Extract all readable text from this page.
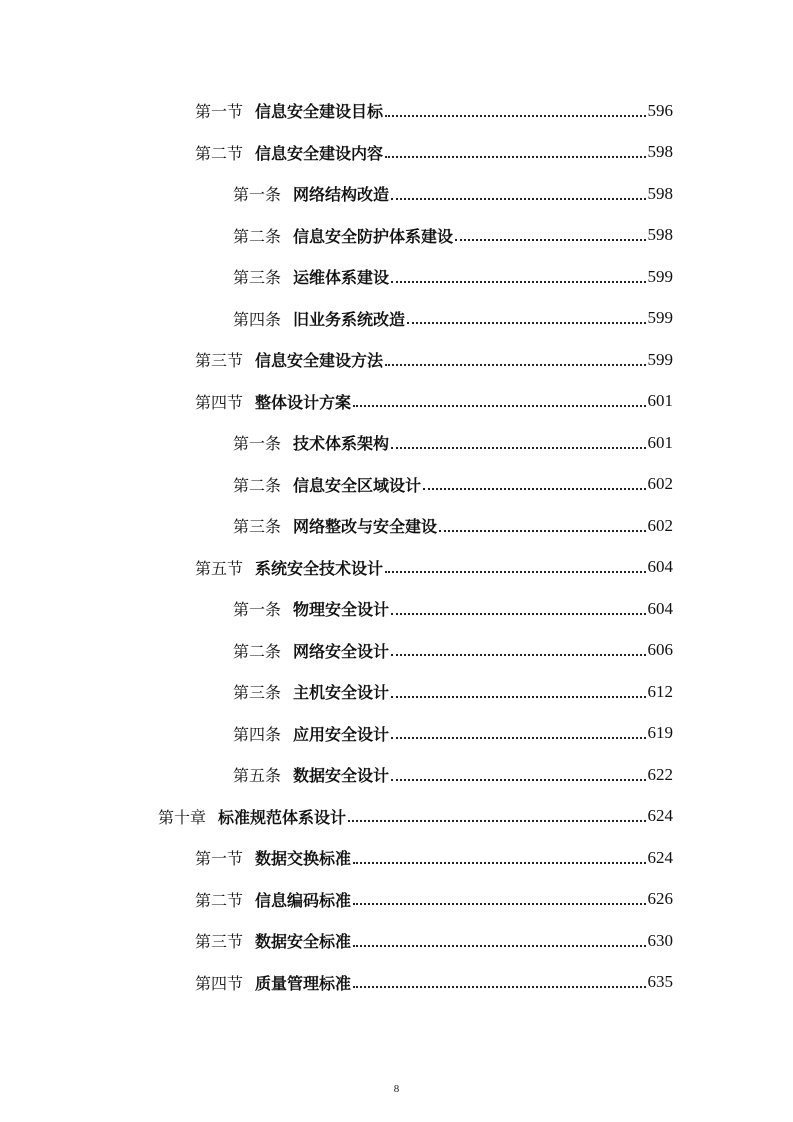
第一节 信息安全建设目标	596
第二节 信息安全建设内容	598
第一条 网络结构改造	598
第二条 信息安全防护体系建设	598
第三条 运维体系建设	599
第四条 旧业务系统改造	599
第三节 信息安全建设方法	599
第四节 整体设计方案	601
第一条 技术体系架构	601
第二条 信息安全区域设计	602
第三条 网络整改与安全建设	602
第五节 系统安全技术设计	604
第一条 物理安全设计	604
第二条 网络安全设计	606
第三条 主机安全设计	612
第四条 应用安全设计	619
第五条 数据安全设计	622
第十章 标准规范体系设计	624
第一节 数据交换标准	624
第二节 信息编码标准	626
第三节 数据安全标准	630
第四节 质量管理标准	635
8
